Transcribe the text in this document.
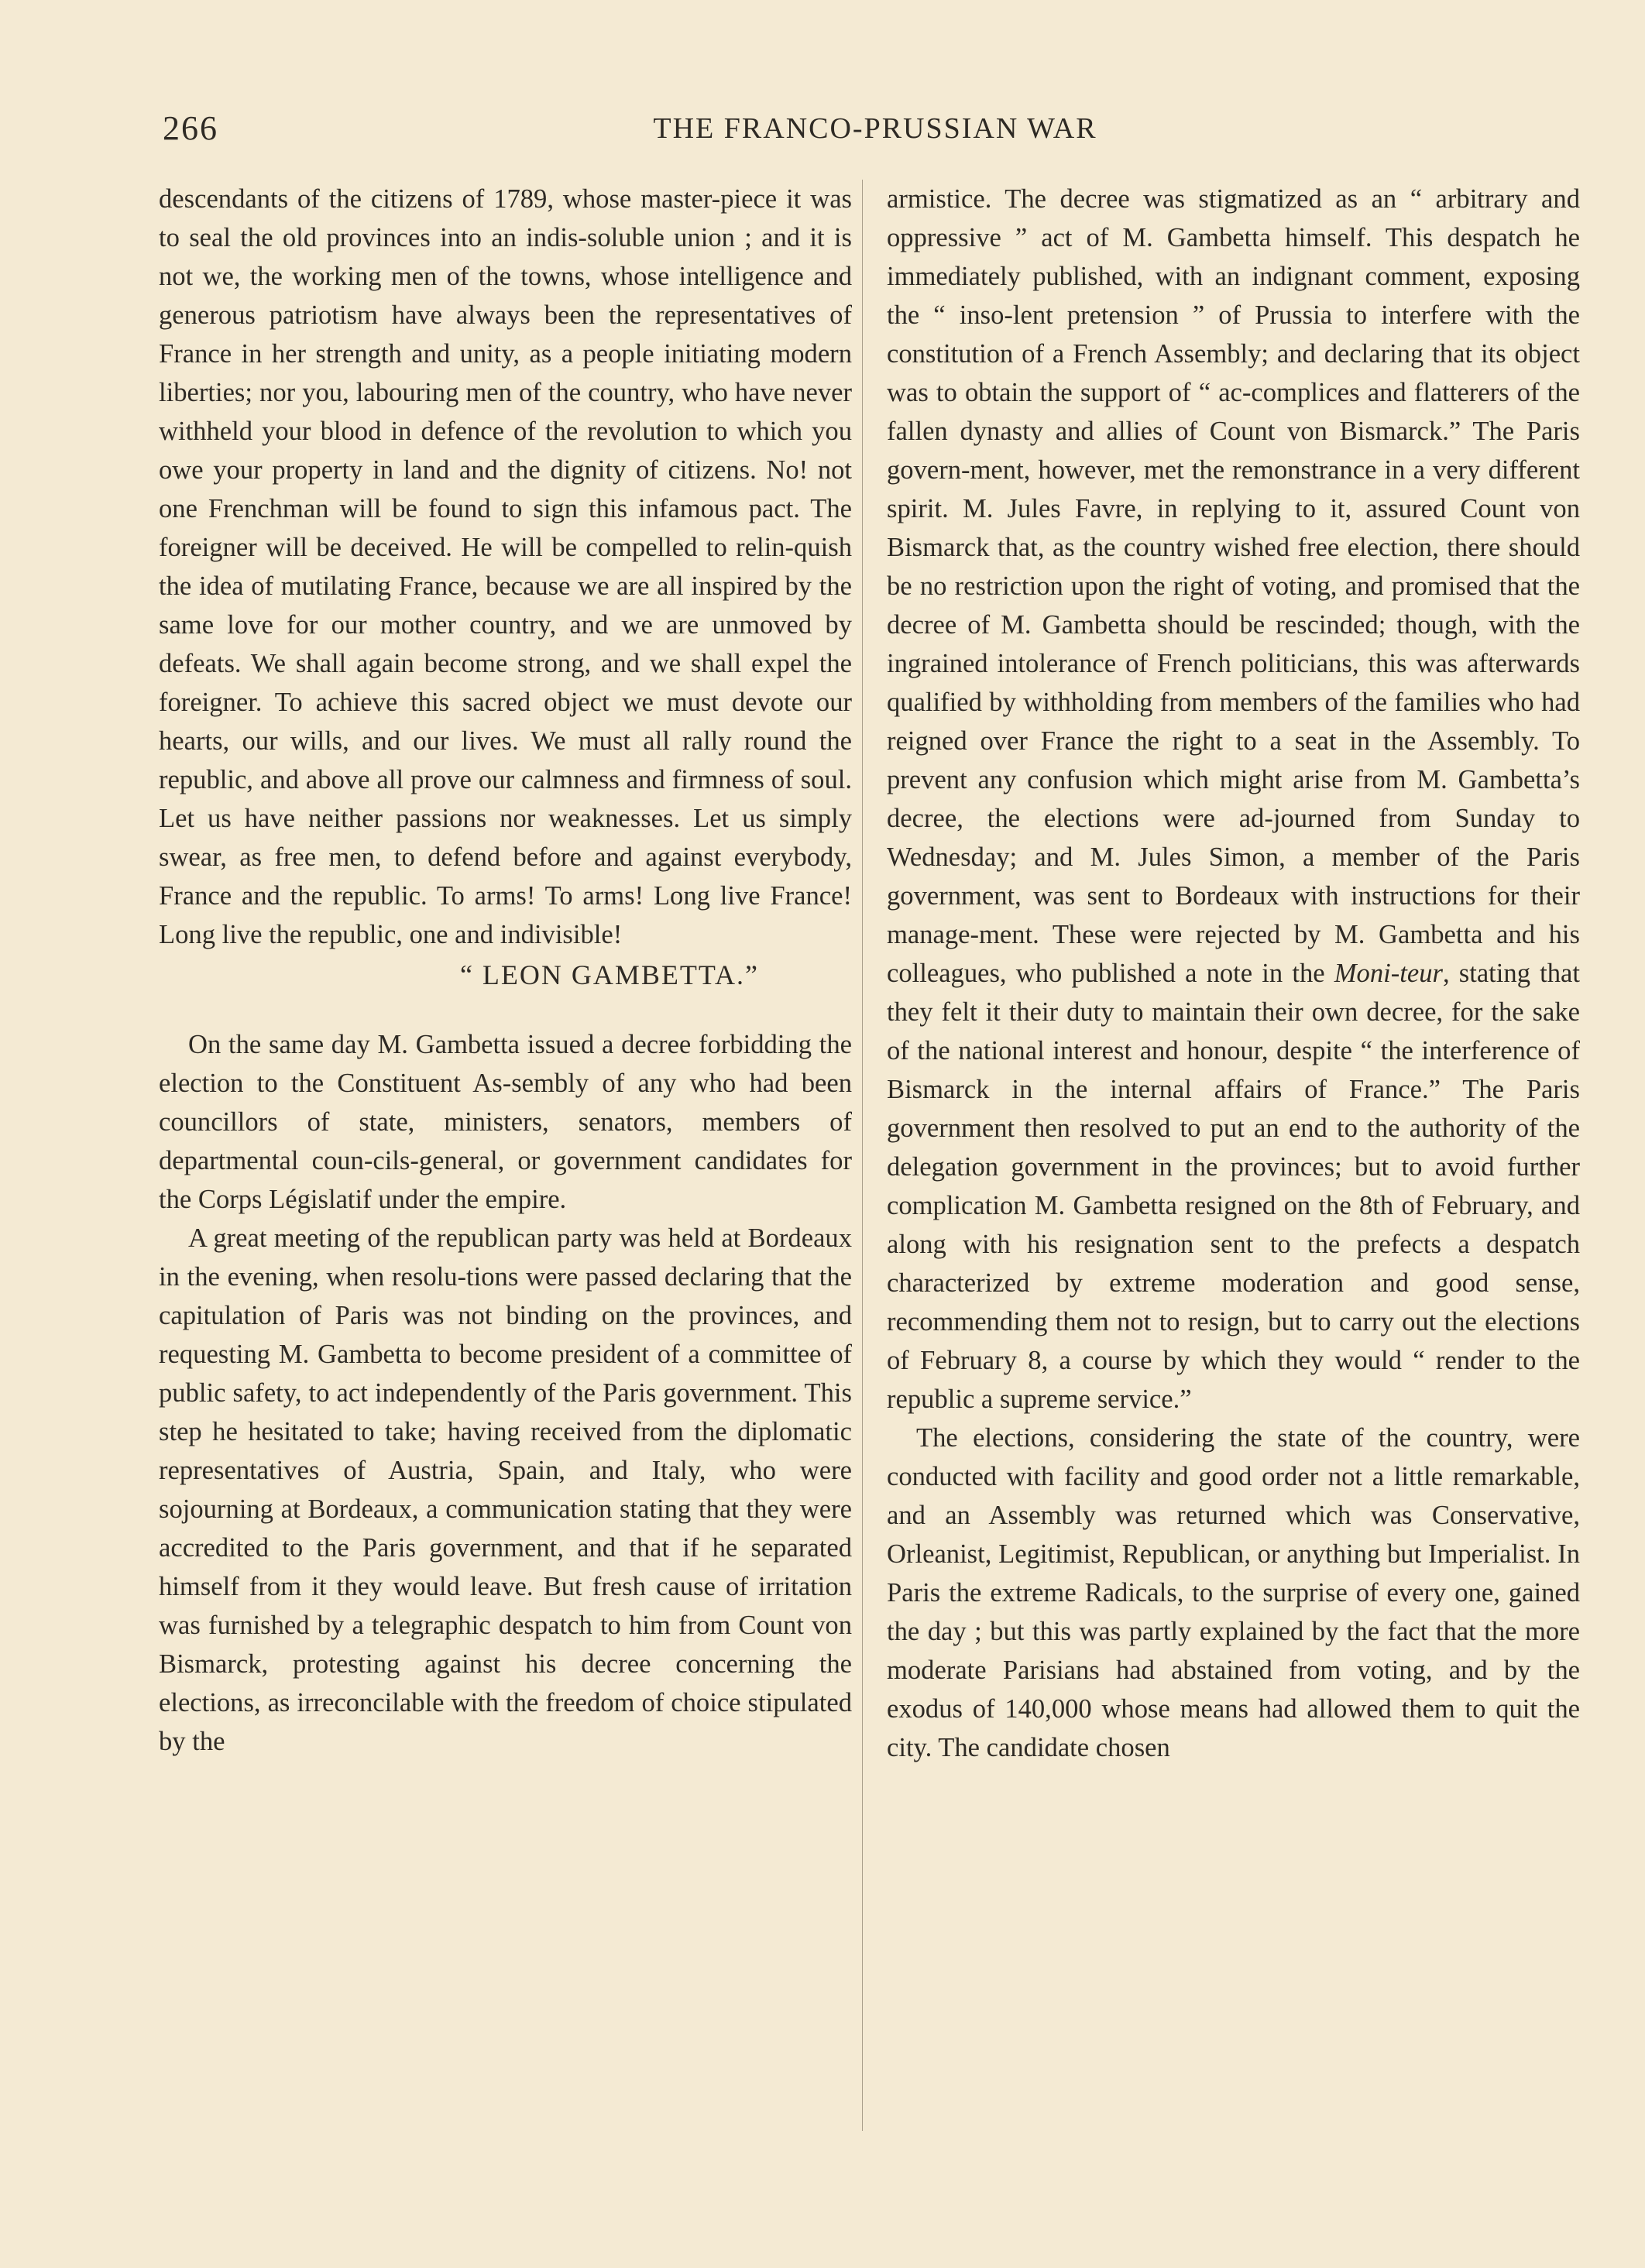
266	THE FRANCO-PRUSSIAN WAR

descendants of the citizens of 1789, whose master-piece it was to seal the old provinces into an indis-soluble union ; and it is not we, the working men of the towns, whose intelligence and generous patriotism have always been the representatives of France in her strength and unity, as a people initiating modern liberties; nor you, labouring men of the country, who have never withheld your blood in defence of the revolution to which you owe your property in land and the dignity of citizens. No! not one Frenchman will be found to sign this infamous pact. The foreigner will be deceived. He will be compelled to relin-quish the idea of mutilating France, because we are all inspired by the same love for our mother country, and we are unmoved by defeats. We shall again become strong, and we shall expel the foreigner. To achieve this sacred object we must devote our hearts, our wills, and our lives. We must all rally round the republic, and above all prove our calmness and firmness of soul. Let us have neither passions nor weaknesses. Let us simply swear, as free men, to defend before and against everybody, France and the republic. To arms! To arms! Long live France! Long live the republic, one and indivisible!

“ LEON GAMBETTA.”

On the same day M. Gambetta issued a decree forbidding the election to the Constituent As-sembly of any who had been councillors of state, ministers, senators, members of departmental coun-cils-general, or government candidates for the Corps Législatif under the empire.

A great meeting of the republican party was held at Bordeaux in the evening, when resolu-tions were passed declaring that the capitulation of Paris was not binding on the provinces, and requesting M. Gambetta to become president of a committee of public safety, to act independently of the Paris government. This step he hesitated to take; having received from the diplomatic representatives of Austria, Spain, and Italy, who were sojourning at Bordeaux, a communication stating that they were accredited to the Paris government, and that if he separated himself from it they would leave. But fresh cause of irritation was furnished by a telegraphic despatch to him from Count von Bismarck, protesting against his decree concerning the elections, as irreconcilable with the freedom of choice stipulated by the

armistice. The decree was stigmatized as an “ arbitrary and oppressive ” act of M. Gambetta himself. This despatch he immediately published, with an indignant comment, exposing the “ inso-lent pretension ” of Prussia to interfere with the constitution of a French Assembly; and declaring that its object was to obtain the support of “ ac-complices and flatterers of the fallen dynasty and allies of Count von Bismarck.” The Paris govern-ment, however, met the remonstrance in a very different spirit. M. Jules Favre, in replying to it, assured Count von Bismarck that, as the country wished free election, there should be no restriction upon the right of voting, and promised that the decree of M. Gambetta should be rescinded; though, with the ingrained intolerance of French politicians, this was afterwards qualified by withholding from members of the families who had reigned over France the right to a seat in the Assembly. To prevent any confusion which might arise from M. Gambetta’s decree, the elections were ad-journed from Sunday to Wednesday; and M. Jules Simon, a member of the Paris government, was sent to Bordeaux with instructions for their manage-ment. These were rejected by M. Gambetta and his colleagues, who published a note in the Moni-teur, stating that they felt it their duty to maintain their own decree, for the sake of the national interest and honour, despite “ the interference of Bismarck in the internal affairs of France.” The Paris government then resolved to put an end to the authority of the delegation government in the provinces; but to avoid further complication M. Gambetta resigned on the 8th of February, and along with his resignation sent to the prefects a despatch characterized by extreme moderation and good sense, recommending them not to resign, but to carry out the elections of February 8, a course by which they would “ render to the republic a supreme service.”

The elections, considering the state of the country, were conducted with facility and good order not a little remarkable, and an Assembly was returned which was Conservative, Orleanist, Legitimist, Republican, or anything but Imperialist. In Paris the extreme Radicals, to the surprise of every one, gained the day ; but this was partly explained by the fact that the more moderate Parisians had abstained from voting, and by the exodus of 140,000 whose means had allowed them to quit the city. The candidate chosen
